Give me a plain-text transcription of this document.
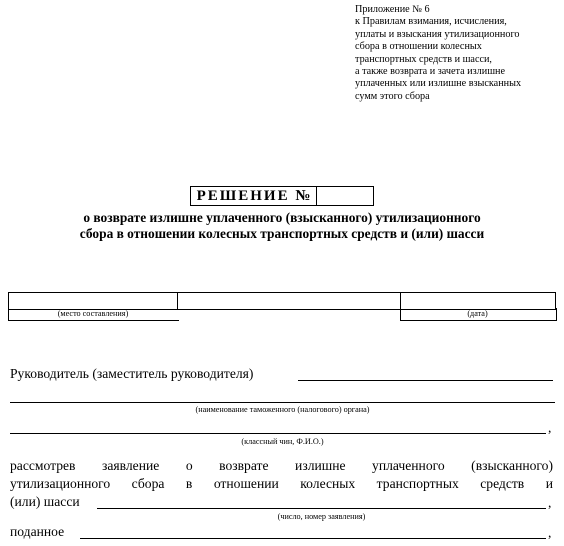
Приложение № 6
к Правилам взимания, исчисления,
уплаты и взыскания утилизационного
сбора в отношении колесных
транспортных средств и шасси,
а также возврата и зачета излишне
уплаченных или излишне взысканных
сумм этого сбора
РЕШЕНИЕ №
о возврате излишне уплаченного (взысканного) утилизационного
сбора в отношении колесных транспортных средств и (или) шасси
(место составления)	(дата)
Руководитель (заместитель руководителя)
(наименование таможенного (налогового) органа)
,
(классный чин, Ф.И.О.)
рассмотрев заявление о возврате излишне уплаченного (взысканного)
утилизационного сбора в отношении колесных транспортных средств и
(или) шасси	,
(число, номер заявления)
поданное	,
